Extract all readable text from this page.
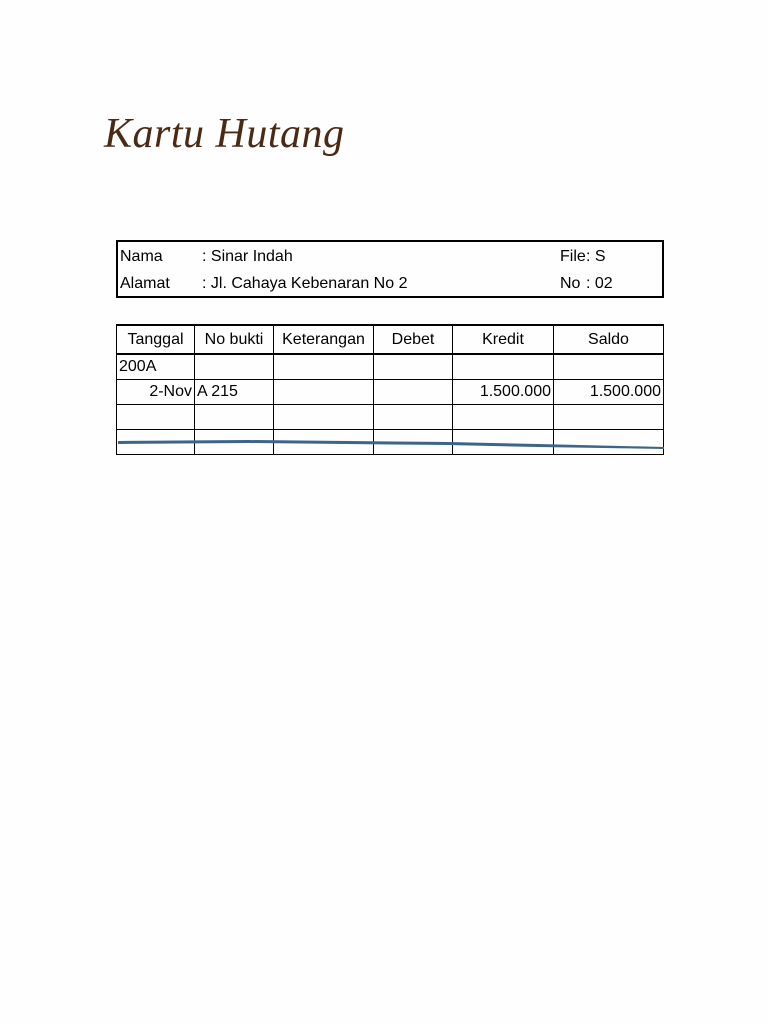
Kartu Hutang
Nama : Sinar Indah	File : S
Alamat : Jl. Cahaya Kebenaran No 2	No : 02
Tanggal	No bukti	Keterangan	Debet	Kredit	Saldo
200A					
2-Nov	A 215			1.500.000	1.500.000
